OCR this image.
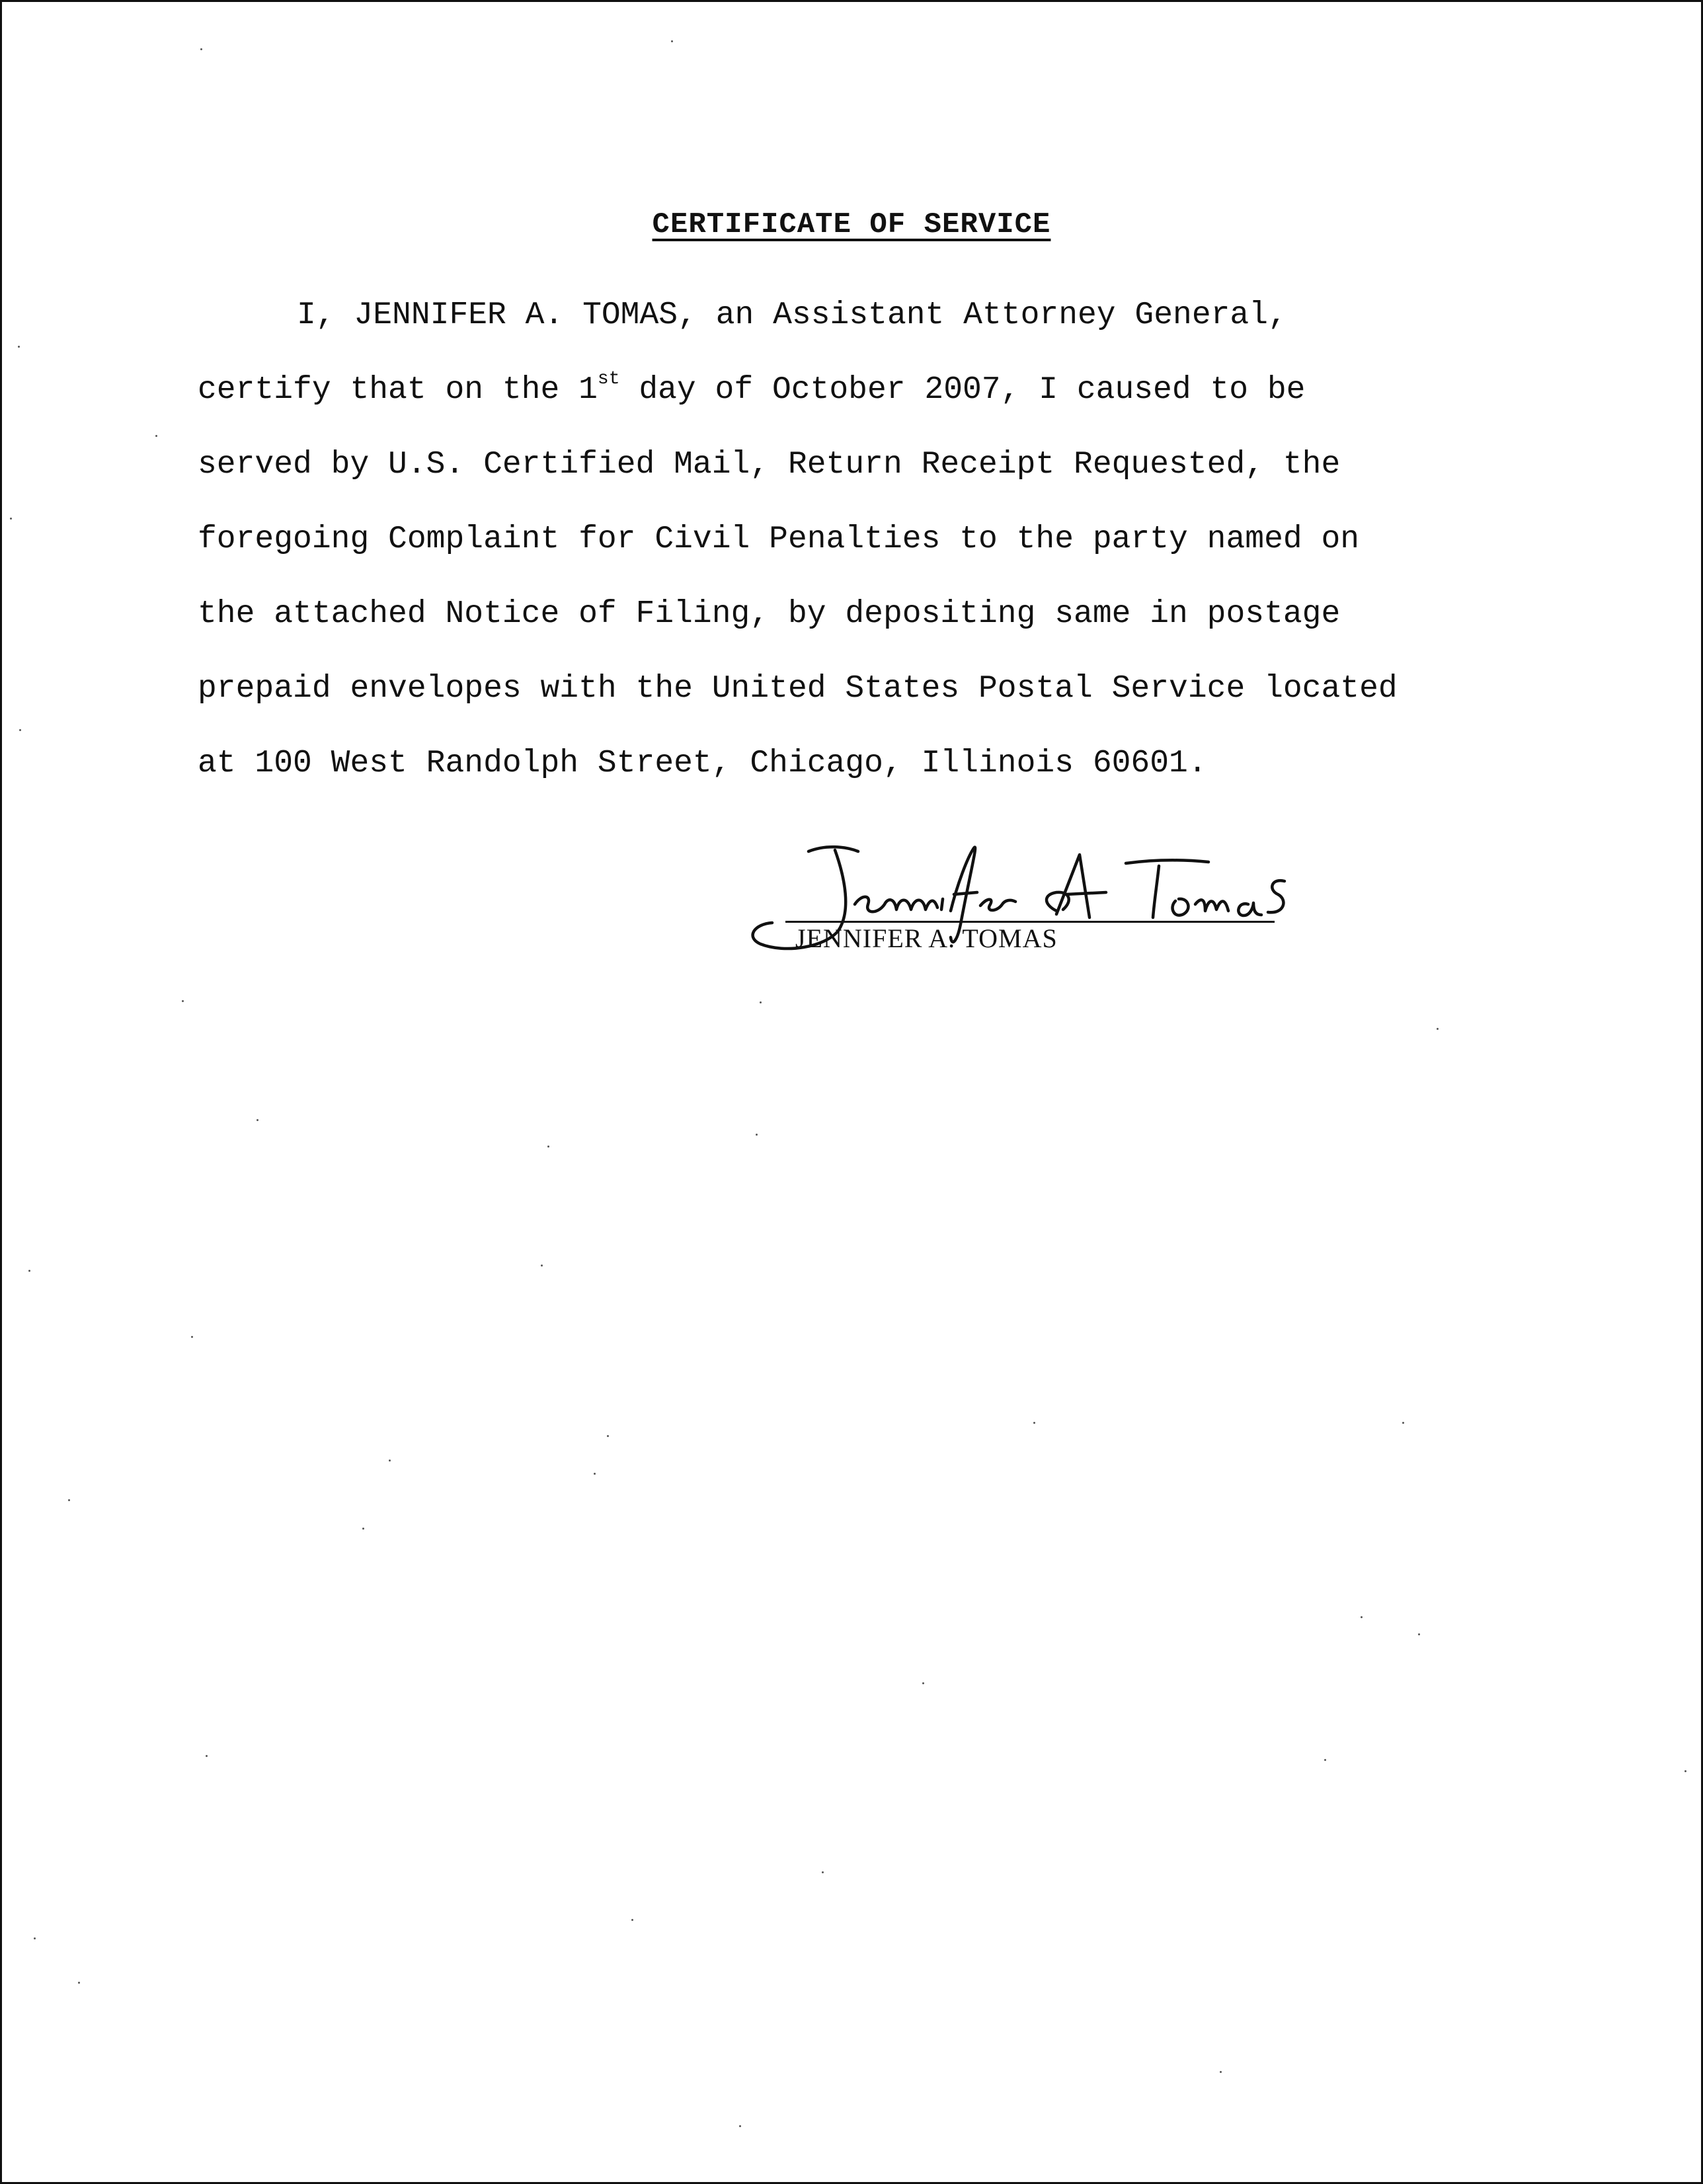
CERTIFICATE OF SERVICE
I, JENNIFER A. TOMAS, an Assistant Attorney General,
certify that on the 1st day of October 2007, I caused to be
served by U.S. Certified Mail, Return Receipt Requested, the
foregoing Complaint for Civil Penalties to the party named on
the attached Notice of Filing, by depositing same in postage
prepaid envelopes with the United States Postal Service located
at 100 West Randolph Street, Chicago, Illinois 60601.
JENNIFER A. TOMAS
